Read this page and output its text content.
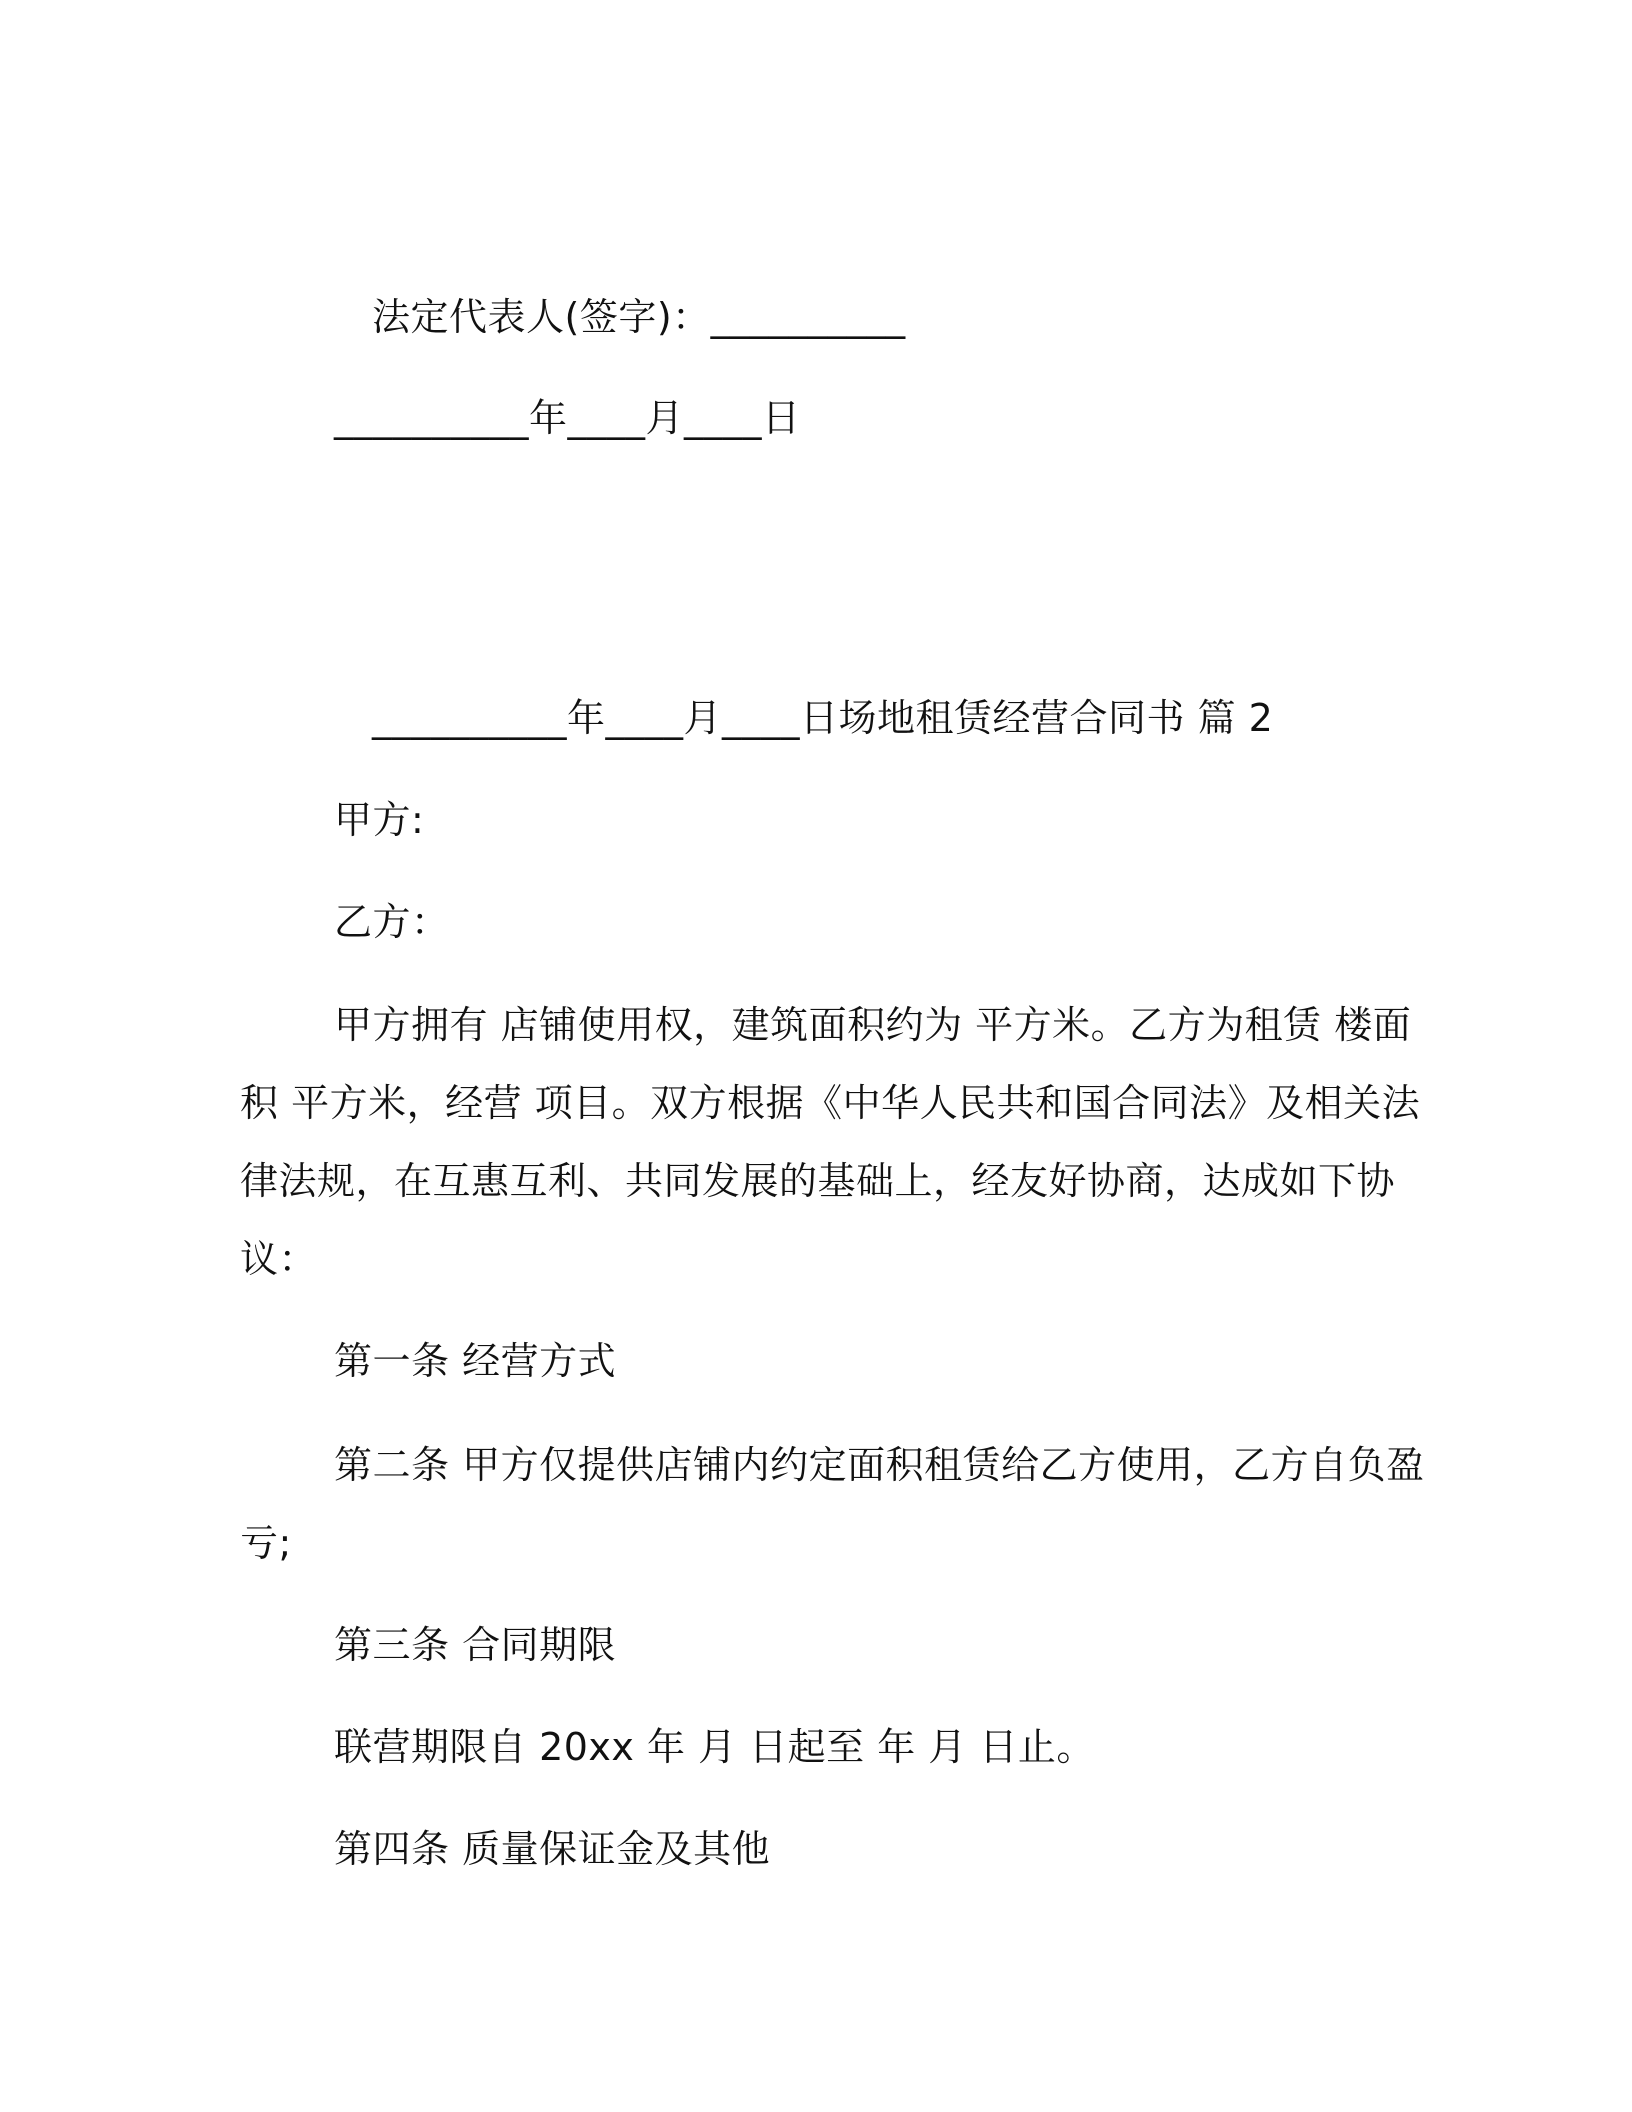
法定代表人(签字)：__________

__________年____月____日

__________年____月____日场地租赁经营合同书 篇 2

甲方:

乙方：

甲方拥有 店铺使用权，建筑面积约为 平方米。乙方为租赁 楼面
积 平方米，经营 项目。双方根据《中华人民共和国合同法》及相关法
律法规，在互惠互利、共同发展的基础上，经友好协商，达成如下协
议：

第一条 经营方式

第二条 甲方仅提供店铺内约定面积租赁给乙方使用，乙方自负盈
亏;

第三条 合同期限

联营期限自 20xx 年 月 日起至 年 月 日止。

第四条 质量保证金及其他
